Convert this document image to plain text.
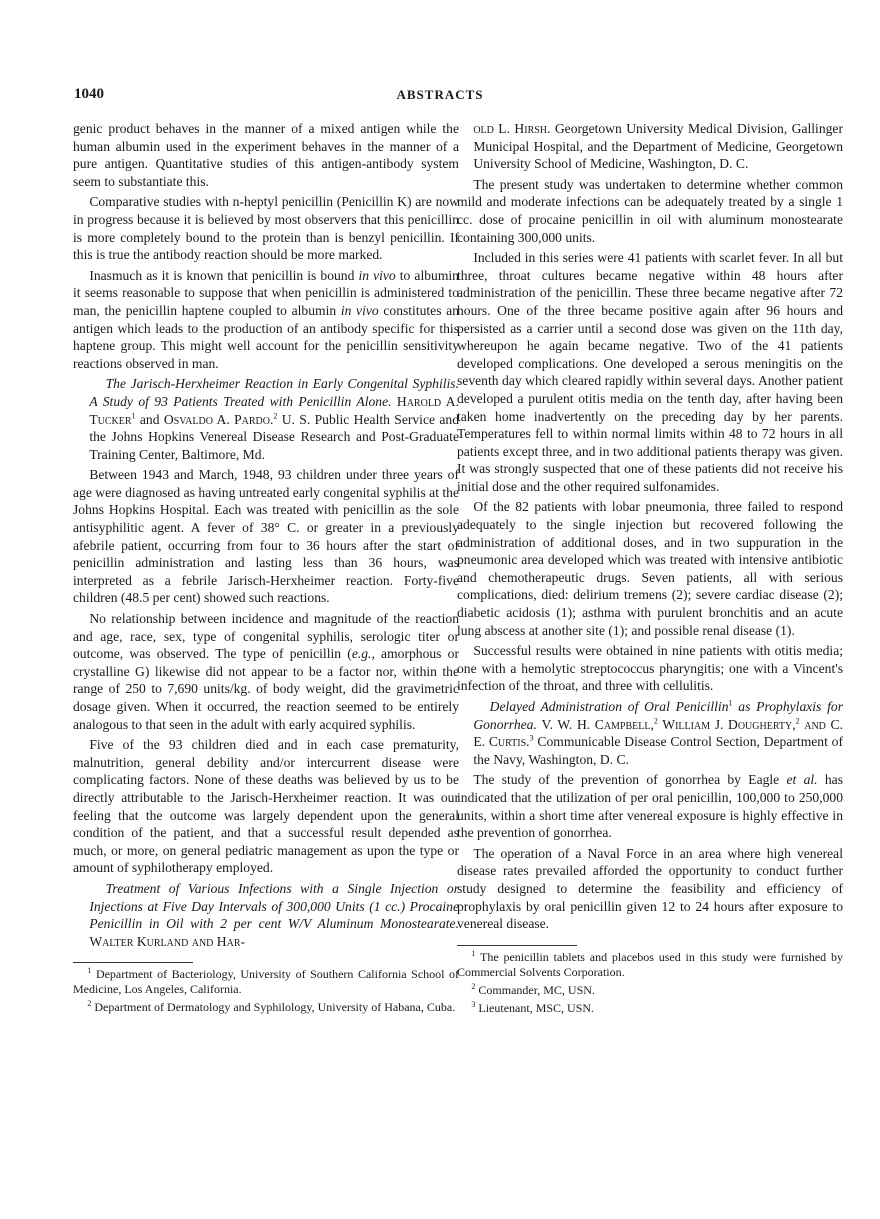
1040	ABSTRACTS

genic product behaves in the manner of a mixed antigen while the human albumin used in the experiment behaves in the manner of a pure antigen. Quantitative studies of this antigen-antibody system seem to substantiate this.

Comparative studies with n-heptyl penicillin (Penicillin K) are now in progress because it is believed by most observers that this penicillin is more completely bound to the protein than is benzyl penicillin. If this is true the antibody reaction should be more marked.

Inasmuch as it is known that penicillin is bound in vivo to albumin it seems reasonable to suppose that when penicillin is administered to man, the penicillin haptene coupled to albumin in vivo constitutes an antigen which leads to the production of an antibody specific for this haptene group. This might well account for the penicillin sensitivity reactions observed in man.

The Jarisch-Herxheimer Reaction in Early Congenital Syphilis. A Study of 93 Patients Treated with Penicillin Alone. Harold A. Tucker$^1$ and Osvaldo A. Pardo.$^2$ U. S. Public Health Service and the Johns Hopkins Venereal Disease Research and Post-Graduate Training Center, Baltimore, Md.

Between 1943 and March, 1948, 93 children under three years of age were diagnosed as having untreated early congenital syphilis at the Johns Hopkins Hospital. Each was treated with penicillin as the sole antisyphilitic agent. A fever of 38° C. or greater in a previously afebrile patient, occurring from four to 36 hours after the start of penicillin administration and lasting less than 36 hours, was interpreted as a febrile Jarisch-Herxheimer reaction. Forty-five children (48.5 per cent) showed such reactions.

No relationship between incidence and magnitude of the reaction and age, race, sex, type of congenital syphilis, serologic titer or outcome, was observed. The type of penicillin (e.g., amorphous or crystalline G) likewise did not appear to be a factor nor, within the range of 250 to 7,690 units/kg. of body weight, did the gravimetric dosage given. When it occurred, the reaction seemed to be entirely analogous to that seen in the adult with early acquired syphilis.

Five of the 93 children died and in each case prematurity, malnutrition, general debility and/or intercurrent disease were complicating factors. None of these deaths was believed by us to be directly attributable to the Jarisch-Herxheimer reaction. It was our feeling that the outcome was largely dependent upon the general condition of the patient, and that a successful result depended as much, or more, on general pediatric management as upon the type or amount of syphilotherapy employed.

Treatment of Various Infections with a Single Injection or Injections at Five Day Intervals of 300,000 Units (1 cc.) Procaine Penicillin in Oil with 2 per cent W/V Aluminum Monostearate. Walter Kurland and Har-

$^1$ Department of Bacteriology, University of Southern California School of Medicine, Los Angeles, California.

$^2$ Department of Dermatology and Syphilology, University of Habana, Cuba.

old L. Hirsh. Georgetown University Medical Division, Gallinger Municipal Hospital, and the Department of Medicine, Georgetown University School of Medicine, Washington, D. C.

The present study was undertaken to determine whether common mild and moderate infections can be adequately treated by a single 1 cc. dose of procaine penicillin in oil with aluminum monostearate containing 300,000 units.

Included in this series were 41 patients with scarlet fever. In all but three, throat cultures became negative within 48 hours after administration of the penicillin. These three became negative after 72 hours. One of the three became positive again after 96 hours and persisted as a carrier until a second dose was given on the 11th day, whereupon he again became negative. Two of the 41 patients developed complications. One developed a serous meningitis on the seventh day which cleared rapidly within several days. Another patient developed a purulent otitis media on the tenth day, after having been taken home inadvertently on the preceding day by her parents. Temperatures fell to within normal limits within 48 to 72 hours in all patients except three, and in two additional patients therapy was given. It was strongly suspected that one of these patients did not receive his initial dose and the other required sulfonamides.

Of the 82 patients with lobar pneumonia, three failed to respond adequately to the single injection but recovered following the administration of additional doses, and in two suppuration in the pneumonic area developed which was treated with intensive antibiotic and chemotherapeutic drugs. Seven patients, all with serious complications, died: delirium tremens (2); severe cardiac disease (2); diabetic acidosis (1); asthma with purulent bronchitis and an acute lung abscess at another site (1); and possible renal disease (1).

Successful results were obtained in nine patients with otitis media; one with a hemolytic streptococcus pharyngitis; one with a Vincent's infection of the throat, and three with cellulitis.

Delayed Administration of Oral Penicillin$^1$ as Prophylaxis for Gonorrhea. V. W. H. Campbell,$^2$ William J. Dougherty,$^2$ and C. E. Curtis.$^3$ Communicable Disease Control Section, Department of the Navy, Washington, D. C.

The study of the prevention of gonorrhea by Eagle et al. has indicated that the utilization of per oral penicillin, 100,000 to 250,000 units, within a short time after venereal exposure is highly effective in the prevention of gonorrhea.

The operation of a Naval Force in an area where high venereal disease rates prevailed afforded the opportunity to conduct further study designed to determine the feasibility and efficiency of prophylaxis by oral penicillin given 12 to 24 hours after exposure to venereal disease.

$^1$ The penicillin tablets and placebos used in this study were furnished by Commercial Solvents Corporation.

$^2$ Commander, MC, USN.

$^3$ Lieutenant, MSC, USN.
